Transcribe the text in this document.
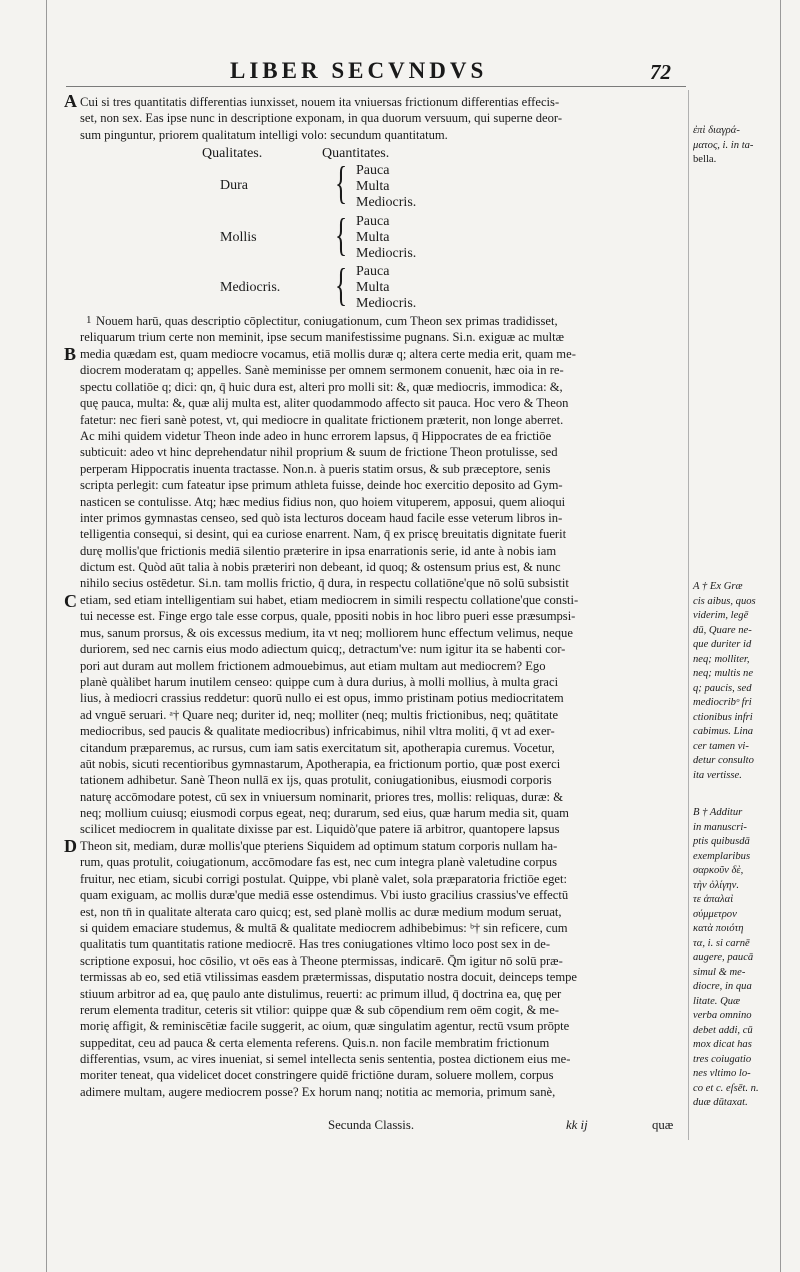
LIBER SECVNDVS	72
A Cui si tres quantitatis differentias iunxisset, nouem ita vniuersas frictionum differentias effecis-
set, non sex. Eas ipse nunc in descriptione exponam, in qua duorum versuum, qui superne deor-
sum pinguntur, priorem qualitatum intelligi volo: secundum quantitatum.
Qualitates.	Quantitates.
Dura { Pauca
Multa
Mediocris.
Mollis { Pauca
Multa
Mediocris.
Mediocris. { Pauca
Multa
Mediocris.
1 Nouem harū, quas descriptio cōplectitur, coniugationum, cum Theon sex primas tradidisset,
reliquarum trium certe non meminit, ipse secum manifestissime pugnans. Si.n. exiguæ ac multæ
B media quædam est, quam mediocre vocamus, etiā mollis duræ q; altera certe media erit, quam me-
diocrem moderatam q; appelles. Sanè meminisse per omnem sermonem conuenit, hæc oia in re-
spectu collatiōe q; dici: qn, q̄ huic dura est, alteri pro molli sit: &, quæ mediocris, immodica: &,
quę pauca, multa: &, quæ alij multa est, aliter quodammodo affecto sit pauca. Hoc vero & Theon
fatetur: nec fieri sanè potest, vt, qui mediocre in qualitate frictionem præterit, non longe aberret.
Ac mihi quidem videtur Theon inde adeo in hunc errorem lapsus, q̄ Hippocrates de ea frictiōe
subticuit: adeo vt hinc deprehendatur nihil proprium & suum de frictione Theon protulisse, sed
perperam Hippocratis inuenta tractasse. Non.n. à pueris statim orsus, & sub præceptore, senis
scripta perlegit: cum fateatur ipse primum athleta fuisse, deinde hoc exercitio deposito ad Gym-
nasticen se contulisse. Atq; hæc medius fidius non, quo hoiem vituperem, apposui, quem alioqui
inter primos gymnastas censeo, sed quò ista lecturos doceam haud facile esse veterum libros in-
telligentia consequi, si desint, qui ea curiose enarrent. Nam, q̄ ex priscę breuitatis dignitate fuerit
durę mollis'que frictionis mediā silentio præterire in ipsa enarrationis serie, id ante à nobis iam
dictum est. Quòd aūt talia à nobis præteriri non debeant, id quoq; & ostensum prius est, & nunc
nihilo secius ostēdetur. Si.n. tam mollis frictio, q̄ dura, in respectu collatiōne'que nō solū subsistit
C etiam, sed etiam intelligentiam sui habet, etiam mediocrem in simili respectu collatione'que consti-
tui necesse est. Finge ergo tale esse corpus, quale, ppositi nobis in hoc libro pueri esse præsumpsi-
mus, sanum prorsus, & ois excessus medium, ita vt neq; molliorem hunc effectum velimus, neque
duriorem, sed nec carnis eius modo adiectum quicq;, detractum've: num igitur ita se habenti cor-
pori aut duram aut mollem frictionem admouebimus, aut etiam multam aut mediocrem? Ego
planè quàlibet harum inutilem censeo: quippe cum à dura durius, à molli mollius, à multa graci
lius, à mediocri crassius reddetur: quorū nullo ei est opus, immo pristinam potius mediocritatem
ad vnguē seruari. ᵃ† Quare neq; duriter id, neq; molliter (neq; multis frictionibus, neq; quātitate
mediocribus, sed paucis & qualitate mediocribus) infricabimus, nihil vltra moliti, q̄ vt ad exer-
citandum præparemus, ac rursus, cum iam satis exercitatum sit, apotherapia curemus. Vocetur,
aūt nobis, sicuti recentioribus gymnastarum, Apotherapia, ea frictionum portio, quæ post exerci
tationem adhibetur. Sanè Theon nullā ex ijs, quas protulit, coniugationibus, eiusmodi corporis
naturę accōmodare potest, cū sex in vniuersum nominarit, priores tres, mollis: reliquas, duræ: &
neq; mollium cuiusq; eiusmodi corpus egeat, neq; durarum, sed eius, quæ harum media sit, quam
scilicet mediocrem in qualitate dixisse par est. Liquidò'que patere iā arbitror, quantopere lapsus
D Theon sit, mediam, duræ mollis'que pteriens Siquidem ad optimum statum corporis nullam ha-
rum, quas protulit, coiugationum, accōmodare fas est, nec cum integra planè valetudine corpus
fruitur, nec etiam, sicubi corrigi postulat. Quippe, vbi planè valet, sola præparatoria frictiōe eget:
quam exiguam, ac mollis duræ'que mediā esse ostendimus. Vbi iusto gracilius crassius've effectū
est, non tn̄ in qualitate alterata caro quicq; est, sed planè mollis ac duræ medium modum seruat,
si quidem emaciare studemus, & multā & qualitate mediocrem adhibebimus: ᵇ† sin reficere, cum
qualitatis tum quantitatis ratione mediocrē. Has tres coniugationes vltimo loco post sex in de-
scriptione exposui, hoc cōsilio, vt oēs eas à Theone ptermissas, indicarē. Q̄m igitur nō solū præ-
termissas ab eo, sed etiā vtilissimas easdem prætermissas, disputatio nostra docuit, deinceps tempe
stiuum arbitror ad ea, quę paulo ante distulimus, reuerti: ac primum illud, q̄ doctrina ea, quę per
rerum elementa traditur, ceteris sit vtilior: quippe quæ & sub cōpendium rem oēm cogit, & me-
morię affigit, & reminiscētiæ facile suggerit, ac oium, quæ singulatim agentur, rectū vsum prōpte
suppeditat, ceu ad pauca & certa elementa referens. Quis.n. non facile membratim frictionum
differentias, vsum, ac vires inueniat, si semel intellecta senis sententia, postea dictionem eius me-
moriter teneat, qua videlicet docet constringere quidē frictiōne duram, soluere mollem, corpus
adimere multam, augere mediocrem posse? Ex horum nanq; notitia ac memoria, primum sanè,
Secunda Classis.	kk ij	quæ
ἐπὶ διαγρά-
ματος, i. in ta-
bella.
A † Ex Græ
cis aibus, quos
viderim, legē
dū, Quare ne-
que duriter id
neq; molliter,
neq; multis ne
q; paucis, sed
mediocribᵒ fri
ctionibus infri
cabimus. Lina
cer tamen vi-
detur consulto
ita vertisse.
B † Additur
in manuscri-
ptis quibusdā
exemplaribus
σαρκοῦν δὲ,
τὴν ὀλίγην.
τε ἁπαλαὶ
σύμμετρον
κατὰ ποιότη
τα, i. si carnē
augere, paucā
simul & me-
diocre, in qua
litate. Quæ
verba omnino
debet addi, cū
mox dicat has
tres coiugatio
nes vltimo lo-
co et c. eſsēt. n.
duæ dūtaxat.
